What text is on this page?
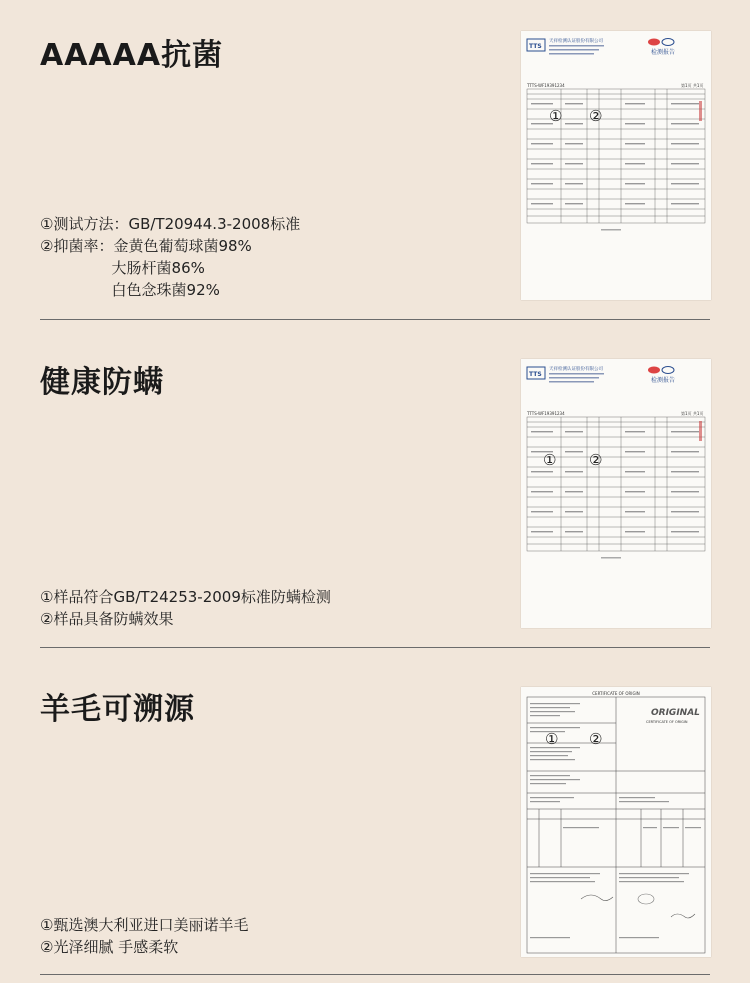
AAAAA抗菌
①测试方法：GB/T20944.3-2008标准
②抑菌率：金黄色葡萄球菌98%
大肠杆菌86%
白色念珠菌92%
TTS
天祥检测认证股份有限公司
检测报告
TTTS-WF19391234	第1页 共1页
① ②
健康防螨
①样品符合GB/T24253-2009标准防螨检测
②样品具备防螨效果
TTS
天祥检测认证股份有限公司
检测报告
TTTS-WF19391234	第1页 共1页
① ②
羊毛可溯源
①甄选澳大利亚进口美丽诺羊毛
②光泽细腻 手感柔软
CERTIFICATE OF ORIGIN
ORIGINAL
CERTIFICATE OF ORIGIN
① ②
